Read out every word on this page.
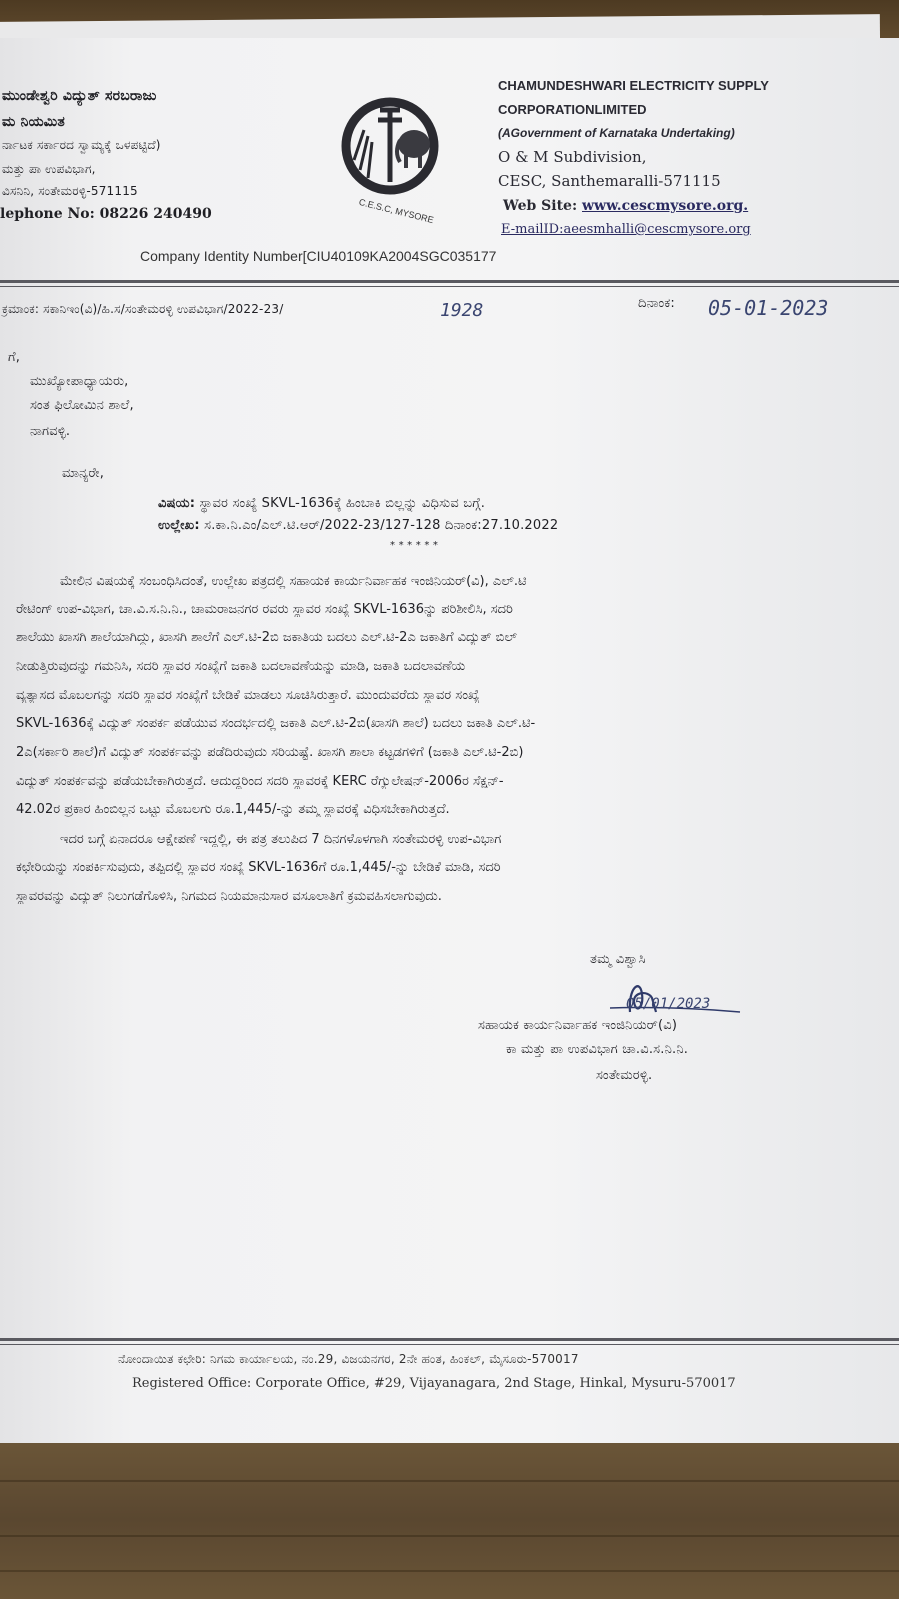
ಮುಂಡೇಶ್ವರಿ ವಿದ್ಯುತ್ ಸರಬರಾಜು
ಮ ನಿಯಮಿತ
ರ್ನಾಟಕ ಸರ್ಕಾರದ ಸ್ವಾಮ್ಯಕ್ಕೆ ಒಳಪಟ್ಟಿದೆ)
ಮತ್ತು ಪಾ ಉಪವಿಭಾಗ,
ವಿಸನಿನಿ, ಸಂತೇಮರಳ್ಳಿ-571115
lephone No: 08226 240490	C.E.S.C, MYSORE
CHAMUNDESHWARI ELECTRICITY SUPPLY
CORPORATIONLIMITED
(AGovernment of Karnataka Undertaking)
O & M Subdivision,
CESC, Santhemaralli-571115
Web Site: www.cescmysore.org.
E-mailID:aeesmhalli@cescmysore.org
Company Identity Number[CIU40109KA2004SGC035177
ಕ್ರಮಾಂಕ: ಸಕಾನಿಇಂ(ವಿ)/ಹಿ.ಸ/ಸಂತೇಮರಳ್ಳಿ ಉಪವಿಭಾಗ/2022-23/	1928	ದಿನಾಂಕ: 05-01-2023
ಗೆ,
ಮುಖ್ಯೋಪಾಧ್ಯಾಯರು,
ಸಂತ ಫಿಲೋಮಿನ ಶಾಲೆ,
ನಾಗವಳ್ಳಿ.
ಮಾನ್ಯರೇ,
ವಿಷಯ: ಸ್ಥಾವರ ಸಂಖ್ಯೆ SKVL-1636ಕ್ಕೆ ಹಿಂಬಾಕಿ ಬಿಲ್ಲನ್ನು ವಿಧಿಸುವ ಬಗ್ಗೆ.
ಉಲ್ಲೇಖ: ಸ.ಕಾ.ನಿ.ಎಂ/ಎಲ್.ಟಿ.ಆರ್/2022-23/127-128 ದಿನಾಂಕ:27.10.2022
* * * * * *
ಮೇಲಿನ ವಿಷಯಕ್ಕೆ ಸಂಬಂಧಿಸಿದಂತೆ, ಉಲ್ಲೇಖ ಪತ್ರದಲ್ಲಿ ಸಹಾಯಕ ಕಾರ್ಯನಿರ್ವಾಹಕ ಇಂಜಿನಿಯರ್(ವಿ), ಎಲ್.ಟಿ
ರೇಟಿಂಗ್ ಉಪ-ವಿಭಾಗ, ಚಾ.ವಿ.ಸ.ನಿ.ನಿ., ಚಾಮರಾಜನಗರ ರವರು ಸ್ಥಾವರ ಸಂಖ್ಯೆ SKVL-1636ನ್ನು ಪರಿಶೀಲಿಸಿ, ಸದರಿ
ಶಾಲೆಯು ಖಾಸಗಿ ಶಾಲೆಯಾಗಿದ್ದು, ಖಾಸಗಿ ಶಾಲೆಗೆ ಎಲ್.ಟಿ-2ಬಿ ಜಕಾತಿಯ ಬದಲು ಎಲ್.ಟಿ-2ಎ ಜಕಾತಿಗೆ ವಿದ್ಯುತ್ ಬಿಲ್
ನೀಡುತ್ತಿರುವುದನ್ನು ಗಮನಿಸಿ, ಸದರಿ ಸ್ಥಾವರ ಸಂಖ್ಯೆಗೆ ಜಕಾತಿ ಬದಲಾವಣೆಯನ್ನು ಮಾಡಿ, ಜಕಾತಿ ಬದಲಾವಣೆಯ
ವ್ಯತ್ಯಾಸದ ಮೊಬಲಗನ್ನು ಸದರಿ ಸ್ಥಾವರ ಸಂಖ್ಯೆಗೆ ಬೇಡಿಕೆ ಮಾಡಲು ಸೂಚಿಸಿರುತ್ತಾರೆ. ಮುಂದುವರೆದು ಸ್ಥಾವರ ಸಂಖ್ಯೆ
SKVL-1636ಕ್ಕೆ ವಿದ್ಯುತ್ ಸಂಪರ್ಕ ಪಡೆಯುವ ಸಂದರ್ಭದಲ್ಲಿ ಜಕಾತಿ ಎಲ್.ಟಿ-2ಬಿ(ಖಾಸಗಿ ಶಾಲೆ) ಬದಲು ಜಕಾತಿ ಎಲ್.ಟಿ-
2ಎ(ಸರ್ಕಾರಿ ಶಾಲೆ)ಗೆ ವಿದ್ಯುತ್ ಸಂಪರ್ಕವನ್ನು ಪಡೆದಿರುವುದು ಸರಿಯಷ್ಟೆ. ಖಾಸಗಿ ಶಾಲಾ ಕಟ್ಟಡಗಳಿಗೆ (ಜಕಾತಿ ಎಲ್.ಟಿ-2ಬಿ)
ವಿದ್ಯುತ್ ಸಂಪರ್ಕವನ್ನು ಪಡೆಯಬೇಕಾಗಿರುತ್ತದೆ. ಆದುದ್ದರಿಂದ ಸದರಿ ಸ್ಥಾವರಕ್ಕೆ KERC ರೆಗ್ಯುಲೇಷನ್-2006ರ ಸೆಕ್ಷನ್-
42.02ರ ಪ್ರಕಾರ ಹಿಂಬಿಲ್ಲನ ಒಟ್ಟು ಮೊಬಲಗು ರೂ.1,445/-ನ್ನು ತಮ್ಮ ಸ್ಥಾವರಕ್ಕೆ ವಿಧಿಸಬೇಕಾಗಿರುತ್ತದೆ.
ಇದರ ಬಗ್ಗೆ ಏನಾದರೂ ಆಕ್ಷೇಪಣೆ ಇದ್ದಲ್ಲಿ, ಈ ಪತ್ರ ತಲುಪಿದ 7 ದಿನಗಳೊಳಗಾಗಿ ಸಂತೇಮರಳ್ಳಿ ಉಪ-ವಿಭಾಗ
ಕಛೇರಿಯನ್ನು ಸಂಪರ್ಕಿಸುವುದು, ತಪ್ಪಿದಲ್ಲಿ ಸ್ಥಾವರ ಸಂಖ್ಯೆ SKVL-1636ಗೆ ರೂ.1,445/-ನ್ನು ಬೇಡಿಕೆ ಮಾಡಿ, ಸದರಿ
ಸ್ಥಾವರವನ್ನು ವಿದ್ಯುತ್ ನಿಲುಗಡೆಗೊಳಿಸಿ, ನಿಗಮದ ನಿಯಮಾನುಸಾರ ವಸೂಲಾತಿಗೆ ಕ್ರಮವಹಿಸಲಾಗುವುದು.
ತಮ್ಮ ವಿಶ್ವಾಸಿ
05/01/2023
ಸಹಾಯಕ ಕಾರ್ಯನಿರ್ವಾಹಕ ಇಂಜಿನಿಯರ್(ವಿ)
ಕಾ ಮತ್ತು ಪಾ ಉಪವಿಭಾಗ ಚಾ.ವಿ.ಸ.ನಿ.ನಿ.
ಸಂತೇಮರಳ್ಳಿ.
ನೋಂದಾಯಿತ ಕಛೇರಿ: ನಿಗಮ ಕಾರ್ಯಾಲಯ, ನಂ.29, ವಿಜಯನಗರ, 2ನೇ ಹಂತ, ಹಿಂಕಲ್, ಮೈಸೂರು-570017
Registered Office: Corporate Office, #29, Vijayanagara, 2nd Stage, Hinkal, Mysuru-570017
